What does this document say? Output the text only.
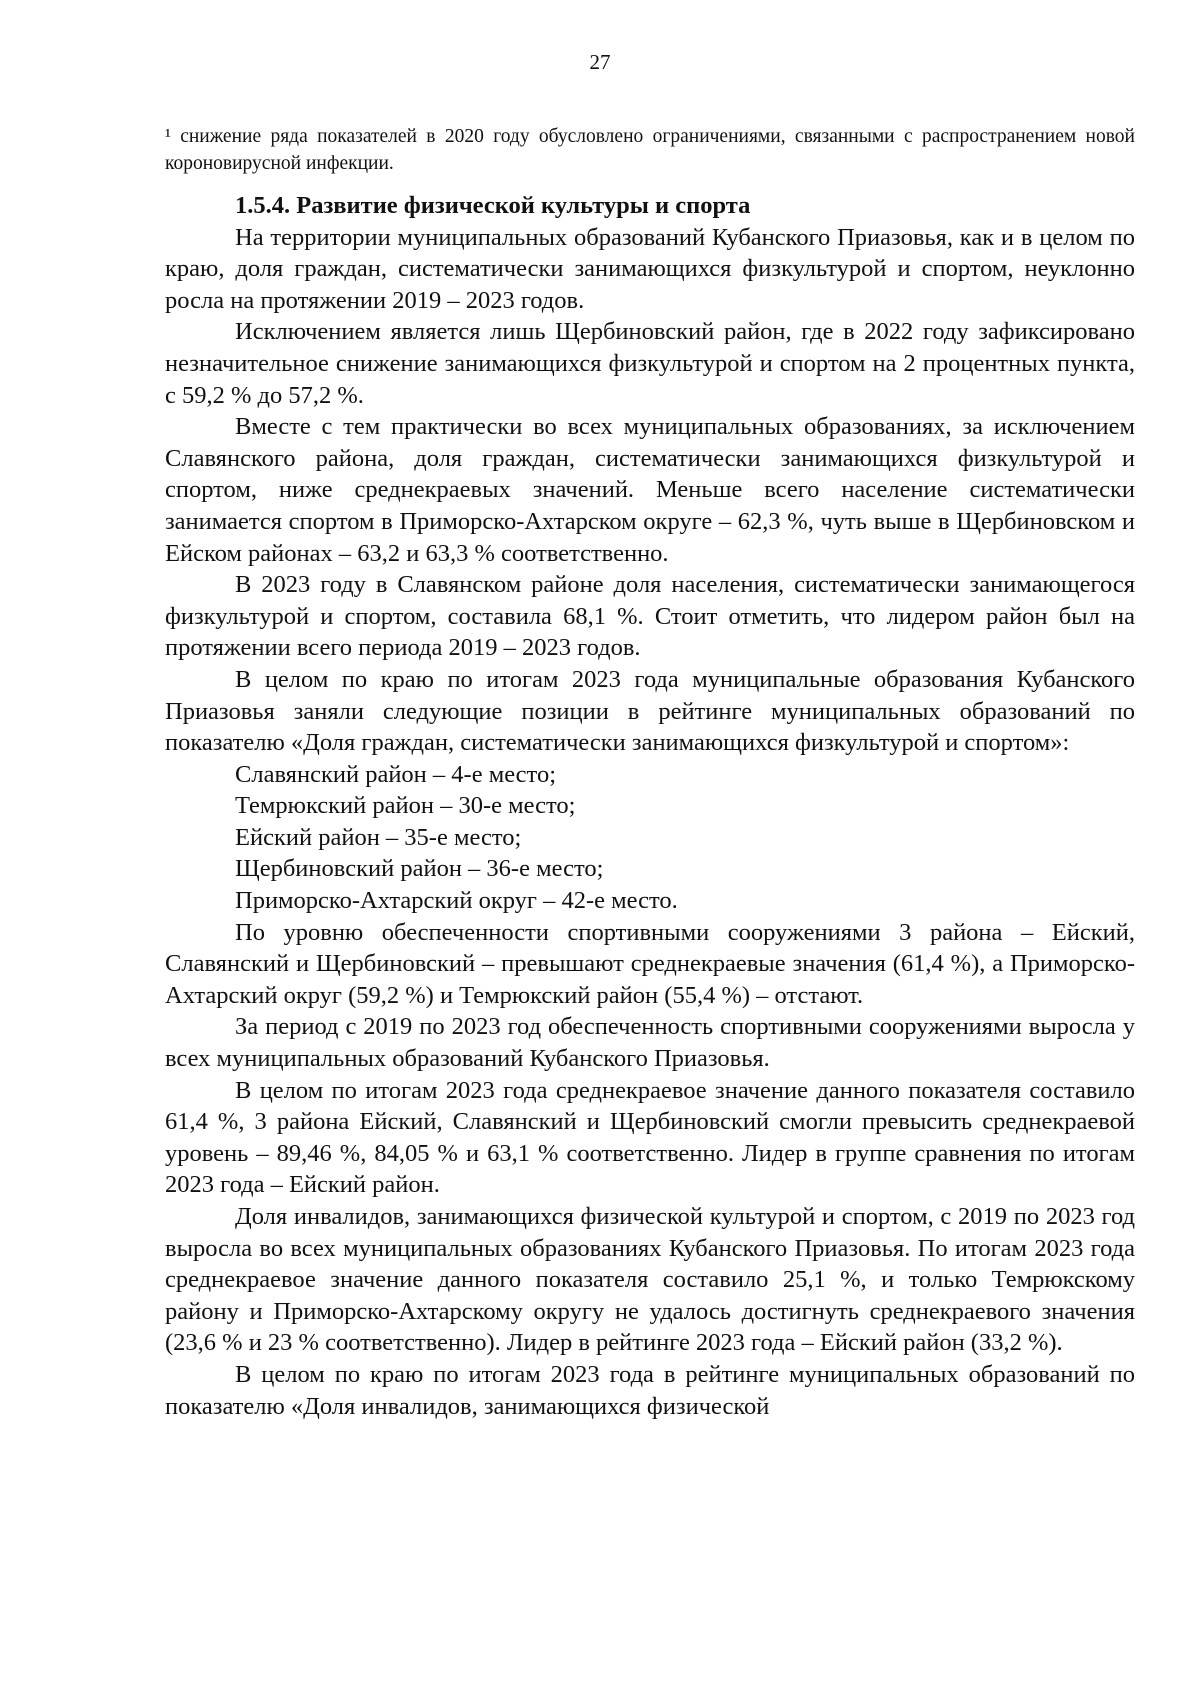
27

¹ снижение ряда показателей в 2020 году обусловлено ограничениями, связанными с распространением новой короновирусной инфекции.

1.5.4. Развитие физической культуры и спорта

На территории муниципальных образований Кубанского Приазовья, как и в целом по краю, доля граждан, систематически занимающихся физкультурой и спортом, неуклонно росла на протяжении 2019 – 2023 годов.

Исключением является лишь Щербиновский район, где в 2022 году зафиксировано незначительное снижение занимающихся физкультурой и спортом на 2 процентных пункта, с 59,2 % до 57,2 %.

Вместе с тем практически во всех муниципальных образованиях, за исключением Славянского района, доля граждан, систематически занимающихся физкультурой и спортом, ниже среднекраевых значений. Меньше всего население систематически занимается спортом в Приморско-Ахтарском округе – 62,3 %, чуть выше в Щербиновском и Ейском районах – 63,2 и 63,3 % соответственно.

В 2023 году в Славянском районе доля населения, систематически занимающегося физкультурой и спортом, составила 68,1 %. Стоит отметить, что лидером район был на протяжении всего периода 2019 – 2023 годов.

В целом по краю по итогам 2023 года муниципальные образования Кубанского Приазовья заняли следующие позиции в рейтинге муниципальных образований по показателю «Доля граждан, систематически занимающихся физкультурой и спортом»:

Славянский район – 4-е место;
Темрюкский район – 30-е место;
Ейский район – 35-е место;
Щербиновский район – 36-е место;
Приморско-Ахтарский округ – 42-е место.

По уровню обеспеченности спортивными сооружениями 3 района – Ейский, Славянский и Щербиновский – превышают среднекраевые значения (61,4 %), а Приморско-Ахтарский округ (59,2 %) и Темрюкский район (55,4 %) – отстают.

За период с 2019 по 2023 год обеспеченность спортивными сооружениями выросла у всех муниципальных образований Кубанского Приазовья.

В целом по итогам 2023 года среднекраевое значение данного показателя составило 61,4 %, 3 района Ейский, Славянский и Щербиновский смогли превысить среднекраевой уровень – 89,46 %, 84,05 % и 63,1 % соответственно. Лидер в группе сравнения по итогам 2023 года – Ейский район.

Доля инвалидов, занимающихся физической культурой и спортом, с 2019 по 2023 год выросла во всех муниципальных образованиях Кубанского Приазовья. По итогам 2023 года среднекраевое значение данного показателя составило 25,1 %, и только Темрюкскому району и Приморско-Ахтарскому округу не удалось достигнуть среднекраевого значения (23,6 % и 23 % соответственно). Лидер в рейтинге 2023 года – Ейский район (33,2 %).

В целом по краю по итогам 2023 года в рейтинге муниципальных образований по показателю «Доля инвалидов, занимающихся физической
